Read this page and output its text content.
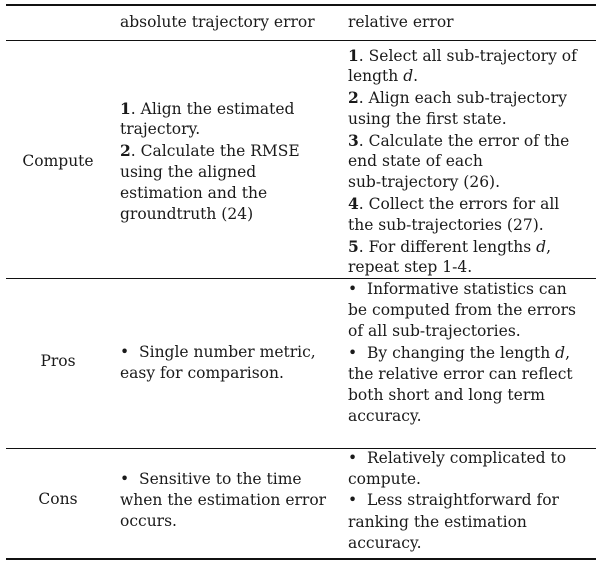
absolute trajectory error relative error
Compute
Pros
Cons
1. Align the estimated
trajectory.
2. Calculate the RMSE
using the aligned
estimation and the
groundtruth (24)
1. Select all sub-trajectory of
length d.
2. Align each sub-trajectory
using the first state.
3. Calculate the error of the
end state of each
sub-trajectory (26).
4. Collect the errors for all
the sub-trajectories (27).
5. For different lengths d,
repeat step 1-4.
•  Single number metric,
easy for comparison.
•  Informative statistics can
be computed from the errors
of all sub-trajectories.
•  By changing the length d,
the relative error can reflect
both short and long term
accuracy.
•  Sensitive to the time
when the estimation error
occurs.
•  Relatively complicated to
compute.
•  Less straightforward for
ranking the estimation
accuracy.
